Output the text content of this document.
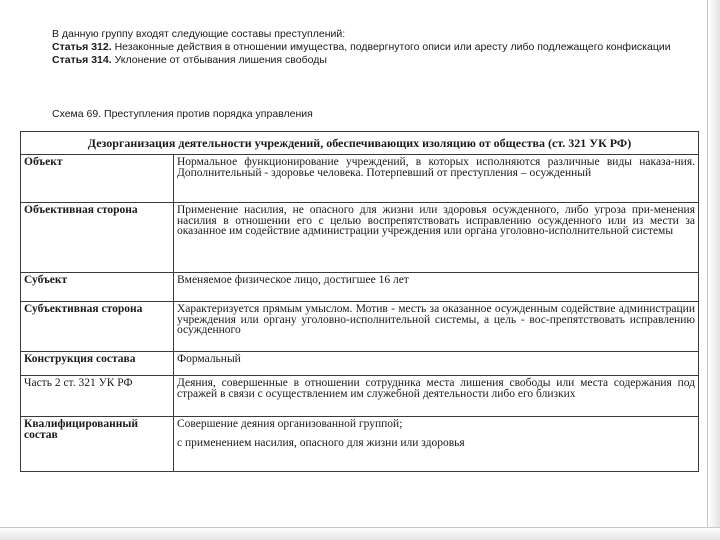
В данную группу входят следующие составы преступлений:
Статья 312. Незаконные действия в отношении имущества, подвергнутого описи или аресту либо подлежащего конфискации
Статья 314. Уклонение от отбывания лишения свободы
Схема 69. Преступления против порядка управления
Дезорганизация деятельности учреждений, обеспечивающих изоляцию от общества (ст. 321 УК РФ)	
Объект	Нормальное функционирование учреждений, в которых исполняются различные виды наказа-ния. Дополнительный - здоровье человека. Потерпевший от преступления – осужденный
Объективная сторона	Применение насилия, не опасного для жизни или здоровья осужденного, либо угроза при-менения насилия в отношении его с целью воспрепятствовать исправлению осужденного или из мести за оказанное им содействие администрации учреждения или органа уголовно-исполнительной системы
Субъект	Вменяемое физическое лицо, достигшее 16 лет
Субъективная сторона	Характеризуется прямым умыслом. Мотив - месть за оказанное осужденным содействие администрации учреждения или органу уголовно-исполнительной системы, а цель - вос-препятствовать исправлению осужденного
Конструкция состава	Формальный
Часть 2 ст. 321 УК РФ	Деяния, совершенные в отношении сотрудника места лишения свободы или места содержания под стражей в связи с осуществлением им служебной деятельности либо его близких
Квалифицированный состав	Совершение деяния организованной группой;
с применением насилия, опасного для жизни или здоровья
